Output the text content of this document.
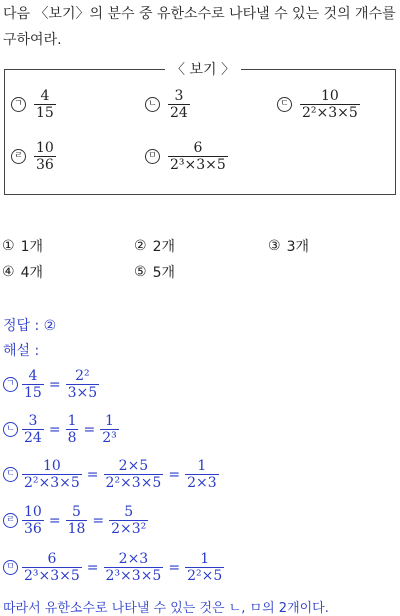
다음 〈보기〉의 분수 중 유한소수로 나타낼 수 있는 것의 개수를 구하여라.
〈 보기 〉
ㄱ $\frac{4}{15}$	ㄴ $\frac{3}{24}$	ㄷ $\frac{10}{\text{2²×3×5}}$
ㄹ $\frac{10}{36}$	ㅁ $\frac{6}{\text{2³×3×5}}$
① 1개	② 2개	③ 3개
④ 4개	⑤ 5개
정답 : ②
해설 :
ㄱ $\frac{4}{15} = \frac{\text{2²}}{3\times 5}$
ㄴ $\frac{3}{24} = \frac{1}{8} = \frac{1}{\text{2³}}$
ㄷ $\frac{10}{\text{2²×3×5}} = \frac{2\times 5}{\text{2²×3×5}} = \frac{1}{2\times 3}$
ㄹ $\frac{10}{36} = \frac{5}{18} = \frac{5}{\text{2×3²}}$
ㅁ $\frac{6}{\text{2³×3×5}} = \frac{2\times 3}{\text{2³×3×5}} = \frac{1}{\text{2²×5}}$
따라서 유한소수로 나타낼 수 있는 것은 ㄴ, ㅁ의 2개이다.
